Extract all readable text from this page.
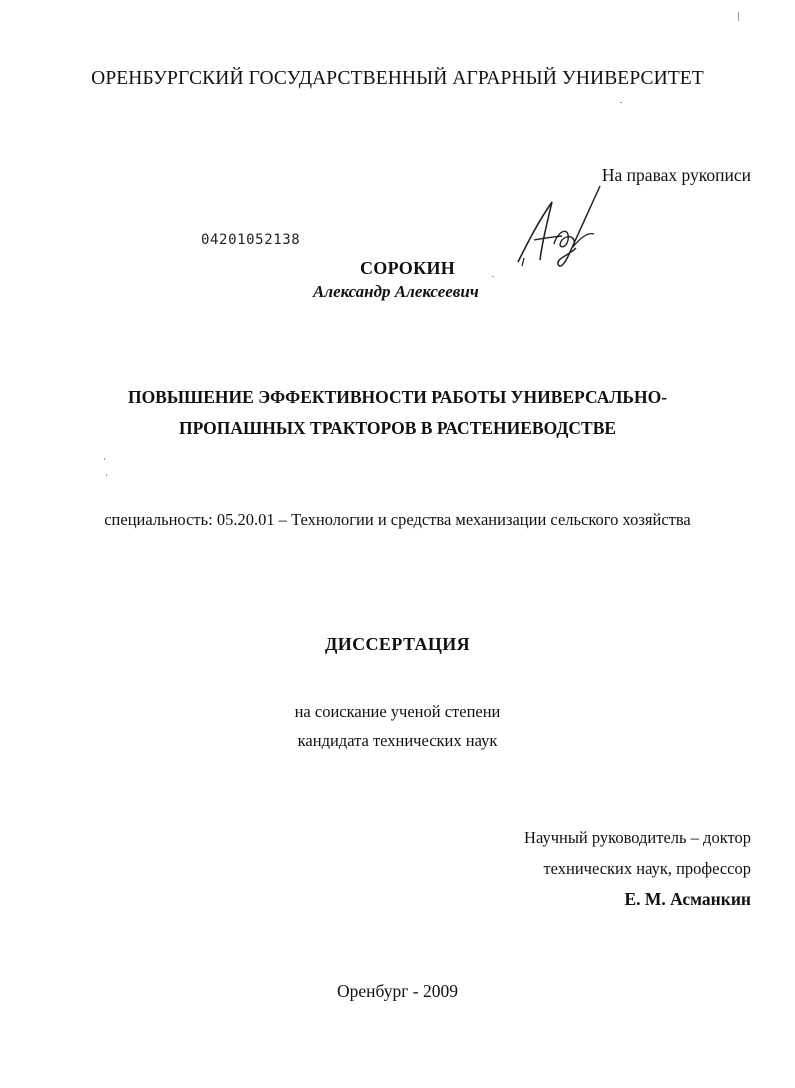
ОРЕНБУРГСКИЙ ГОСУДАРСТВЕННЫЙ АГРАРНЫЙ УНИВЕРСИТЕТ
На правах рукописи
04201052138
СОРОКИН
Александр Алексеевич
ПОВЫШЕНИЕ ЭФФЕКТИВНОСТИ РАБОТЫ УНИВЕРСАЛЬНО-
ПРОПАШНЫХ ТРАКТОРОВ В РАСТЕНИЕВОДСТВЕ
специальность: 05.20.01 – Технологии и средства механизации сельского хозяйства
ДИССЕРТАЦИЯ
на соискание ученой степени
кандидата технических наук
Научный руководитель – доктор
технических наук, профессор
Е. М. Асманкин
Оренбург - 2009
